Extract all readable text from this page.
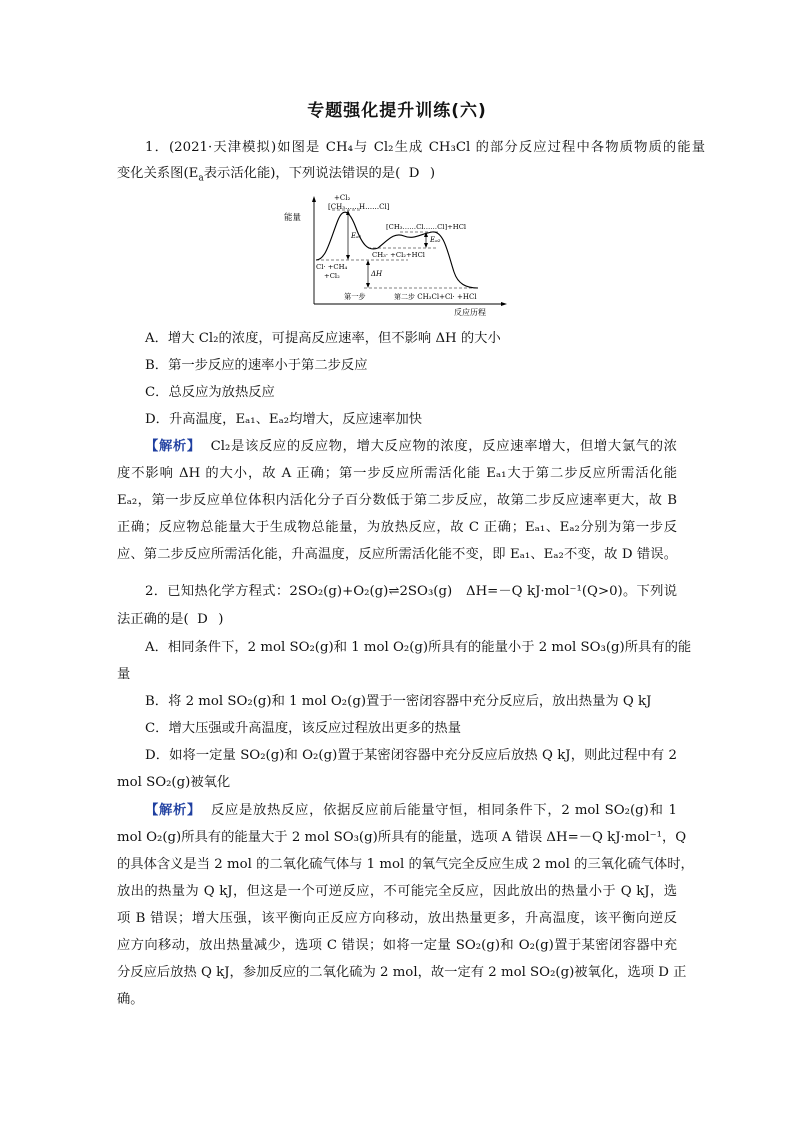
专题强化提升训练(六)
1．(2021·天津模拟)如图是 CH₄与 Cl₂生成 CH₃Cl 的部分反应过程中各物质物质的能量
变化关系图($E_a$表示活化能)，下列说法错误的是( D )
能量
反应历程
+Cl₂
[CH₃……H……Cl]
[CH₃……Cl……Cl]+HCl
Eₐ₁	Eₐ₂
Cl· +CH₄
+Cl₂
CH₃· +Cl₂+HCl
ΔH
第一步	第二步 CH₃Cl+Cl· +HCl
A．增大 Cl₂的浓度，可提高反应速率，但不影响 ΔH 的大小
B．第一步反应的速率小于第二步反应
C．总反应为放热反应
D．升高温度，Eₐ₁、Eₐ₂均增大，反应速率加快
【解析】 Cl₂是该反应的反应物，增大反应物的浓度，反应速率增大，但增大氯气的浓
度不影响 ΔH 的大小，故 A 正确；第一步反应所需活化能 Eₐ₁大于第二步反应所需活化能
Eₐ₂，第一步反应单位体积内活化分子百分数低于第二步反应，故第二步反应速率更大，故 B
正确；反应物总能量大于生成物总能量，为放热反应，故 C 正确；Eₐ₁、Eₐ₂分别为第一步反
应、第二步反应所需活化能，升高温度，反应所需活化能不变，即 Eₐ₁、Eₐ₂不变，故 D 错误。
2．已知热化学方程式：2SO₂(g)+O₂(g)⇌2SO₃(g)　ΔH=－Q kJ·mol⁻¹(Q>0)。下列说
法正确的是( D )
A．相同条件下，2 mol SO₂(g)和 1 mol O₂(g)所具有的能量小于 2 mol SO₃(g)所具有的能
量
B．将 2 mol SO₂(g)和 1 mol O₂(g)置于一密闭容器中充分反应后，放出热量为 Q kJ
C．增大压强或升高温度，该反应过程放出更多的热量
D．如将一定量 SO₂(g)和 O₂(g)置于某密闭容器中充分反应后放热 Q kJ，则此过程中有 2
mol SO₂(g)被氧化
【解析】 反应是放热反应，依据反应前后能量守恒，相同条件下，2 mol SO₂(g)和 1
mol O₂(g)所具有的能量大于 2 mol SO₃(g)所具有的能量，选项 A 错误 ΔH=－Q kJ·mol⁻¹，Q
的具体含义是当 2 mol 的二氧化硫气体与 1 mol 的氧气完全反应生成 2 mol 的三氧化硫气体时，
放出的热量为 Q kJ，但这是一个可逆反应，不可能完全反应，因此放出的热量小于 Q kJ，选
项 B 错误；增大压强，该平衡向正反应方向移动，放出热量更多，升高温度，该平衡向逆反
应方向移动，放出热量减少，选项 C 错误；如将一定量 SO₂(g)和 O₂(g)置于某密闭容器中充
分反应后放热 Q kJ，参加反应的二氧化硫为 2 mol，故一定有 2 mol SO₂(g)被氧化，选项 D 正
确。
